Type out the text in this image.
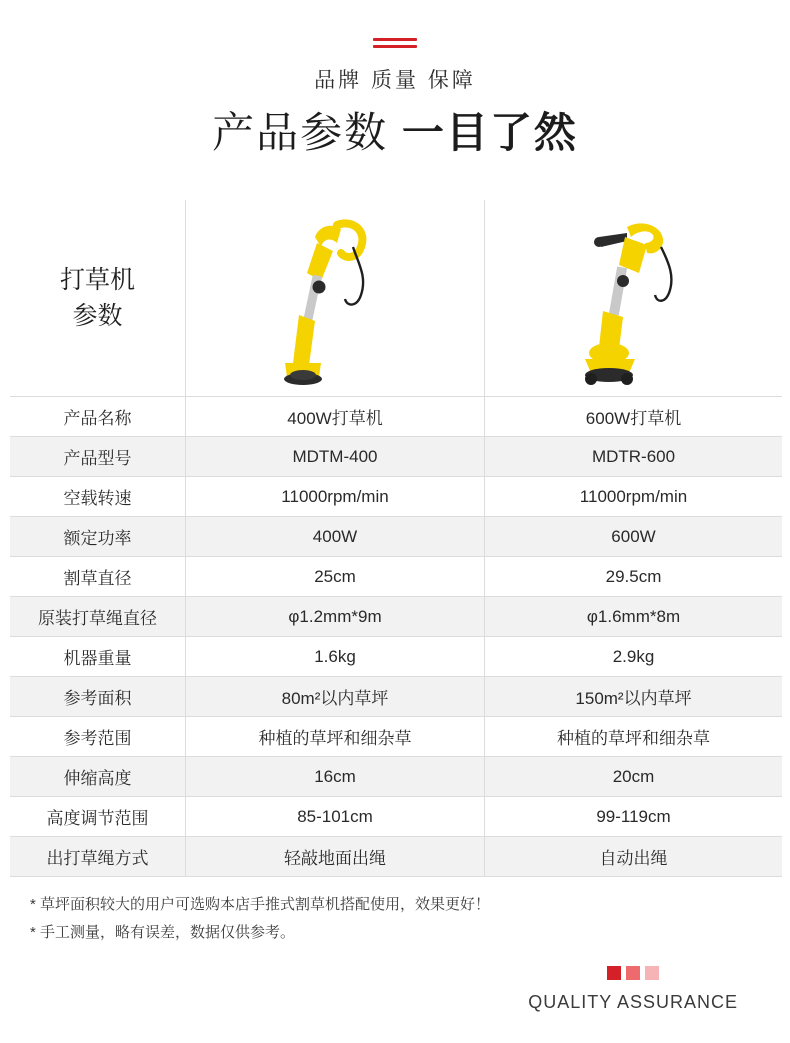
品牌 质量 保障
产品参数 一目了然
打草机
参数

产品名称	400W打草机	600W打草机
产品型号	MDTM-400	MDTR-600
空载转速	11000rpm/min	11000rpm/min
额定功率	400W	600W
割草直径	25cm	29.5cm
原装打草绳直径	φ1.2mm*9m	φ1.6mm*8m
机器重量	1.6kg	2.9kg
参考面积	80m²以内草坪	150m²以内草坪
参考范围	种植的草坪和细杂草	种植的草坪和细杂草
伸缩高度	16cm	20cm
高度调节范围	85-101cm	99-119cm
出打草绳方式	轻敲地面出绳	自动出绳
* 草坪面积较大的用户可选购本店手推式割草机搭配使用，效果更好！
* 手工测量，略有误差，数据仅供参考。
QUALITY ASSURANCE
